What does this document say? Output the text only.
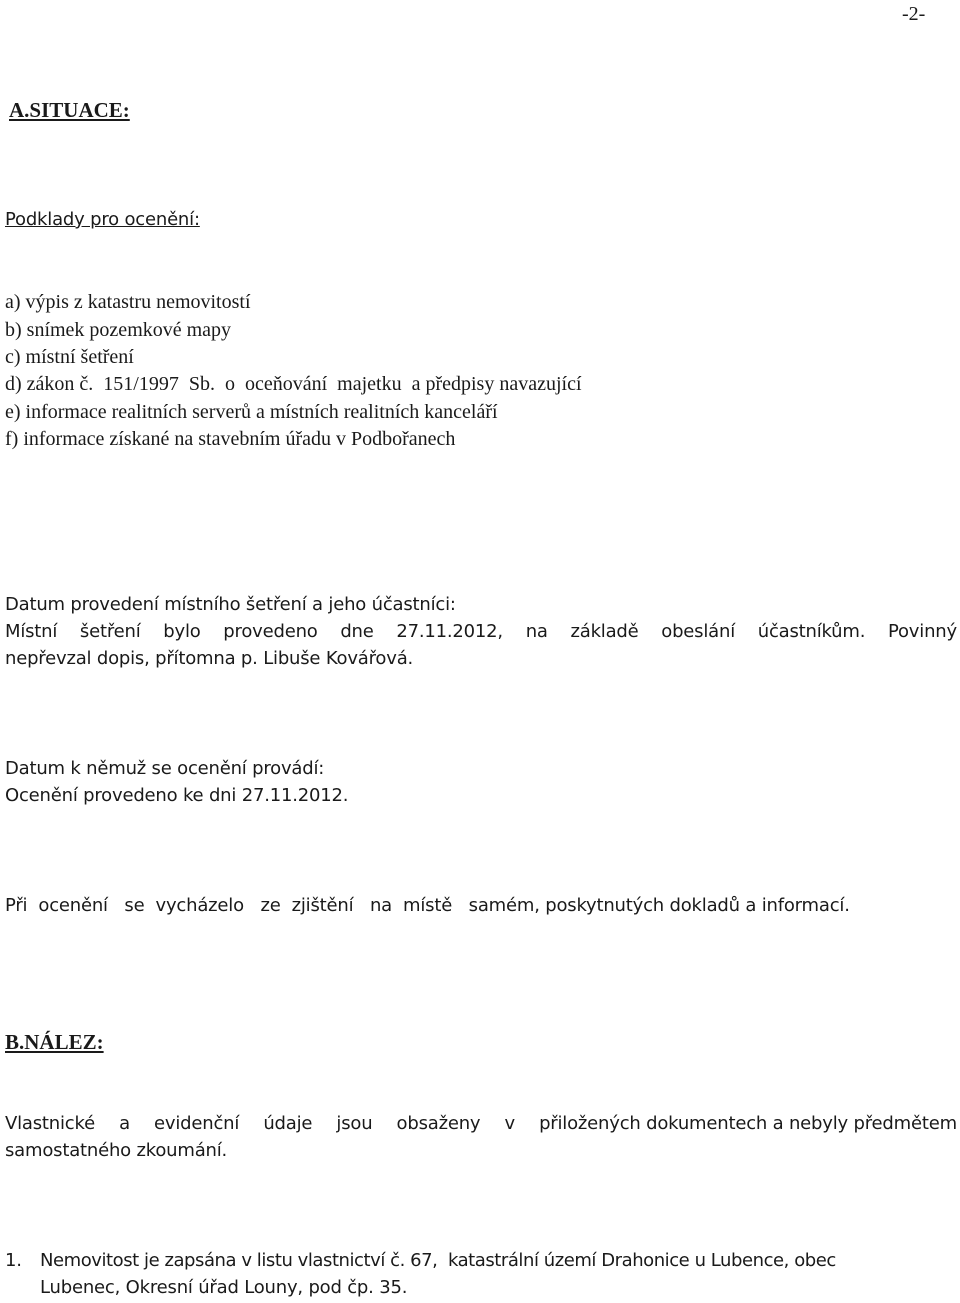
-2-
A.SITUACE:
Podklady pro ocenění:
a) výpis z katastru nemovitostí
b) snímek pozemkové mapy
c) místní šetření
d) zákon č.  151/1997  Sb.  o  oceňování  majetku  a předpisy navazující
e) informace realitních serverů a místních realitních kanceláří
f) informace získané na stavebním úřadu v Podbořanech
Datum provedení místního šetření a jeho účastníci:
Místní šetření bylo provedeno dne 27.11.2012, na základě obeslání účastníkům. Povinný
nepřevzal dopis, přítomna p. Libuše Kovářová.
Datum k němuž se ocenění provádí:
Ocenění provedeno ke dni 27.11.2012.
Při  ocenění   se  vycházelo   ze  zjištění   na  místě   samém, poskytnutých dokladů a informací.
B.NÁLEZ:
Vlastnické a evidenční údaje jsou obsaženy v přiložených dokumentech a nebyly předmětem
samostatného zkoumání.
1. Nemovitost je zapsána v listu vlastnictví č. 67,  katastrální území Drahonice u Lubence, obec
Lubenec, Okresní úřad Louny, pod čp. 35.
